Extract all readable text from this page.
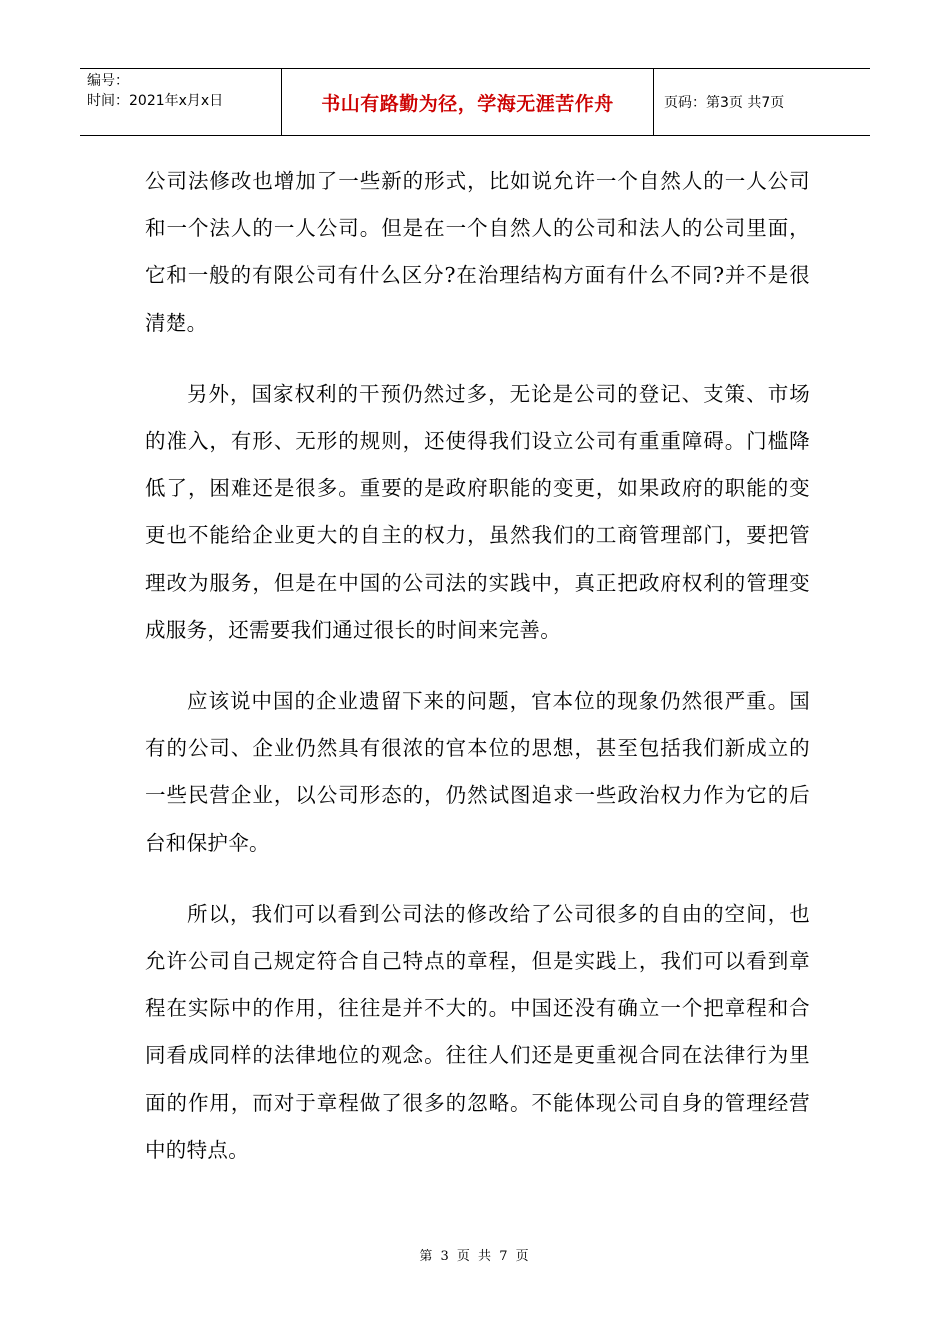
编号：
时间：2021年x月x日	书山有路勤为径，学海无涯苦作舟	页码：第3页 共7页

公司法修改也增加了一些新的形式，比如说允许一个自然人的一人公司和一个法人的一人公司。但是在一个自然人的公司和法人的公司里面，它和一般的有限公司有什么区分?在治理结构方面有什么不同?并不是很清楚。

另外，国家权利的干预仍然过多，无论是公司的登记、支策、市场的准入，有形、无形的规则，还使得我们设立公司有重重障碍。门槛降低了，困难还是很多。重要的是政府职能的变更，如果政府的职能的变更也不能给企业更大的自主的权力，虽然我们的工商管理部门，要把管理改为服务，但是在中国的公司法的实践中，真正把政府权利的管理变成服务，还需要我们通过很长的时间来完善。

应该说中国的企业遗留下来的问题，官本位的现象仍然很严重。国有的公司、企业仍然具有很浓的官本位的思想，甚至包括我们新成立的一些民营企业，以公司形态的，仍然试图追求一些政治权力作为它的后台和保护伞。

所以，我们可以看到公司法的修改给了公司很多的自由的空间，也允许公司自己规定符合自己特点的章程，但是实践上，我们可以看到章程在实际中的作用，往往是并不大的。中国还没有确立一个把章程和合同看成同样的法律地位的观念。往往人们还是更重视合同在法律行为里面的作用，而对于章程做了很多的忽略。不能体现公司自身的管理经营中的特点。

第 3 页 共 7 页
